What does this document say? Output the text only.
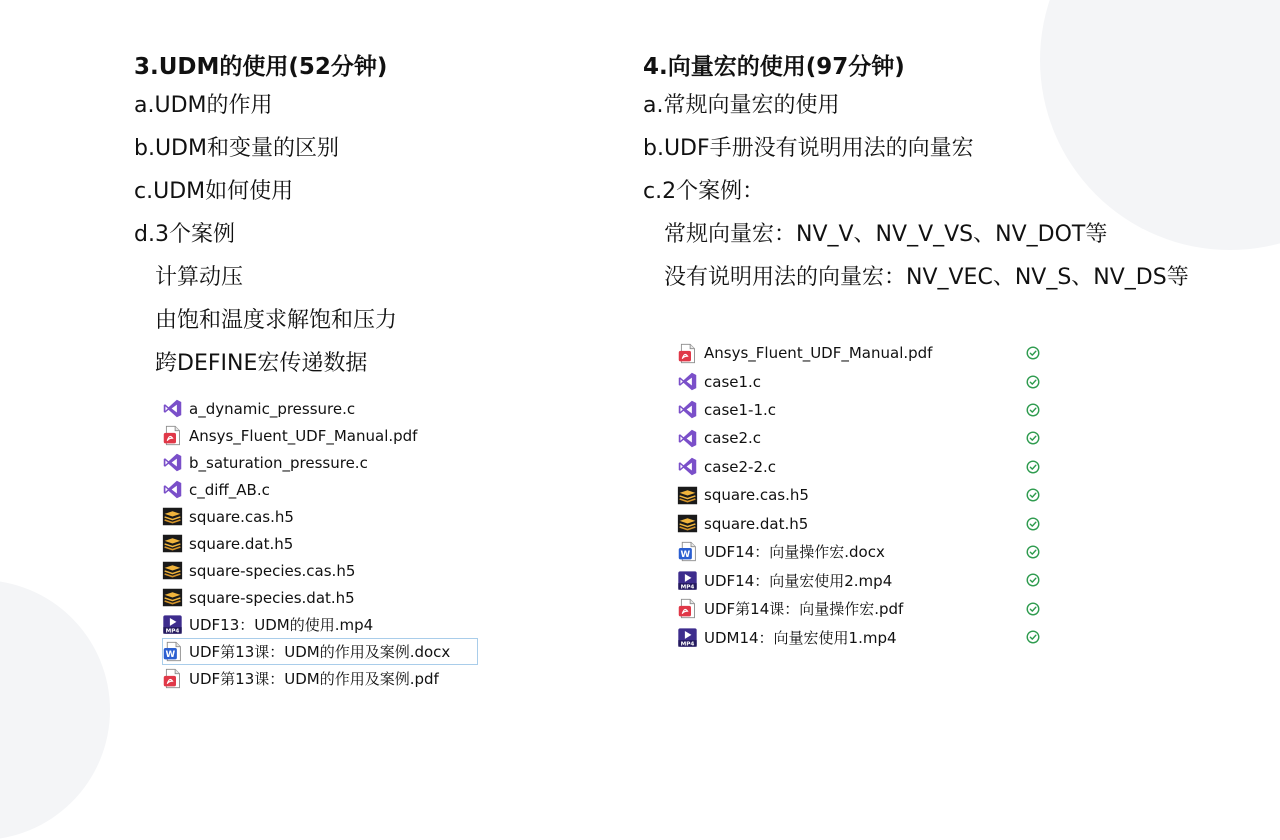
3.UDM的使用(52分钟)
a.UDM的作用
b.UDM和变量的区别
c.UDM如何使用
d.3个案例
计算动压
由饱和温度求解饱和压力
跨DEFINE宏传递数据
a_dynamic_pressure.c
Ansys_Fluent_UDF_Manual.pdf
b_saturation_pressure.c
c_diff_AB.c
square.cas.h5
square.dat.h5
square-species.cas.h5
square-species.dat.h5
MP4 UDF13：UDM的使用.mp4
W UDF第13课：UDM的作用及案例.docx
UDF第13课：UDM的作用及案例.pdf
4.向量宏的使用(97分钟)
a.常规向量宏的使用
b.UDF手册没有说明用法的向量宏
c.2个案例：
常规向量宏：NV_V、NV_V_VS、NV_DOT等
没有说明用法的向量宏：NV_VEC、NV_S、NV_DS等
Ansys_Fluent_UDF_Manual.pdf
case1.c
case1-1.c
case2.c
case2-2.c
square.cas.h5
square.dat.h5
W UDF14：向量操作宏.docx
MP4 UDF14：向量宏使用2.mp4
UDF第14课：向量操作宏.pdf
MP4 UDM14：向量宏使用1.mp4
